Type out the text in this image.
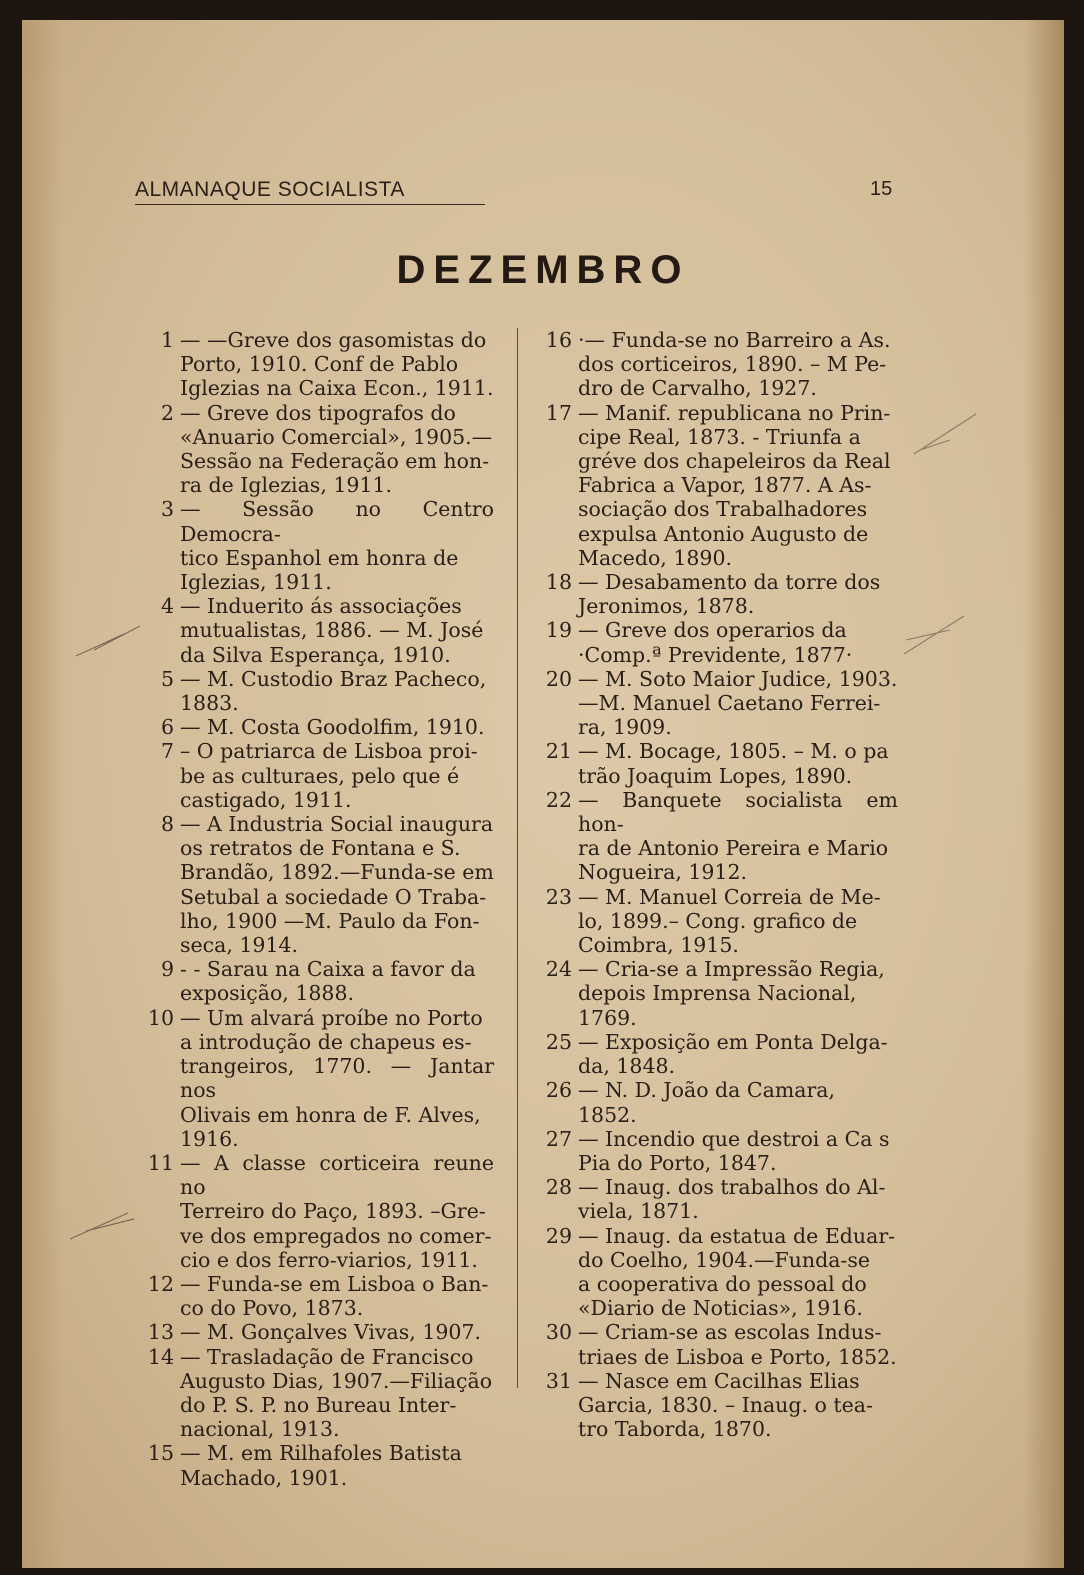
ALMANAQUE SOCIALISTA	15
DEZEMBRO
1 — —Greve dos gasomistas do
Porto, 1910. Conf de Pablo
Iglezias na Caixa Econ., 1911.
2 — Greve dos tipografos do
«Anuario Comercial», 1905.—
Sessão na Federação em hon-
ra de Iglezias, 1911.
3 — Sessão no Centro Democra-
tico Espanhol em honra de
Iglezias, 1911.
4 — Induerito ás associações
mutualistas, 1886. — M. José
da Silva Esperança, 1910.
5 — M. Custodio Braz Pacheco,
1883.
6 — M. Costa Goodolfim, 1910.
7 – O patriarca de Lisboa proi-
be as culturaes, pelo que é
castigado, 1911.
8 — A Industria Social inaugura
os retratos de Fontana e S.
Brandão, 1892.—Funda-se em
Setubal a sociedade O Traba-
lho, 1900 —M. Paulo da Fon-
seca, 1914.
9 - - Sarau na Caixa a favor da
exposição, 1888.
10 — Um alvará proíbe no Porto
a introdução de chapeus es-
trangeiros, 1770. — Jantar nos
Olivais em honra de F. Alves,
1916.
11 — A classe corticeira reune no
Terreiro do Paço, 1893. –Gre-
ve dos empregados no comer-
cio e dos ferro-viarios, 1911.
12 — Funda-se em Lisboa o Ban-
co do Povo, 1873.
13 — M. Gonçalves Vivas, 1907.
14 — Trasladação de Francisco
Augusto Dias, 1907.—Filiação
do P. S. P. no Bureau Inter-
nacional, 1913.
15 — M. em Rilhafoles Batista
Machado, 1901.
16 ·— Funda-se no Barreiro a As.
dos corticeiros, 1890. – M Pe-
dro de Carvalho, 1927.
17 — Manif. republicana no Prin-
cipe Real, 1873. - Triunfa a
gréve dos chapeleiros da Real
Fabrica a Vapor, 1877. A As-
sociação dos Trabalhadores
expulsa Antonio Augusto de
Macedo, 1890.
18 — Desabamento da torre dos
Jeronimos, 1878.
19 — Greve dos operarios da
·Comp.ª Previdente, 1877·
20 — M. Soto Maior Judice, 1903.
—M. Manuel Caetano Ferrei-
ra, 1909.
21 — M. Bocage, 1805. – M. o pa
trão Joaquim Lopes, 1890.
22 — Banquete socialista em hon-
ra de Antonio Pereira e Mario
Nogueira, 1912.
23 — M. Manuel Correia de Me-
lo, 1899.– Cong. grafico de
Coimbra, 1915.
24 — Cria-se a Impressão Regia,
depois Imprensa Nacional,
1769.
25 — Exposição em Ponta Delga-
da, 1848.
26 — N. D. João da Camara,
1852.
27 — Incendio que destroi a Ca s
Pia do Porto, 1847.
28 — Inaug. dos trabalhos do Al-
viela, 1871.
29 — Inaug. da estatua de Eduar-
do Coelho, 1904.—Funda-se
a cooperativa do pessoal do
«Diario de Noticias», 1916.
30 — Criam-se as escolas Indus-
triaes de Lisboa e Porto, 1852.
31 — Nasce em Cacilhas Elias
Garcia, 1830. – Inaug. o tea-
tro Taborda, 1870.
